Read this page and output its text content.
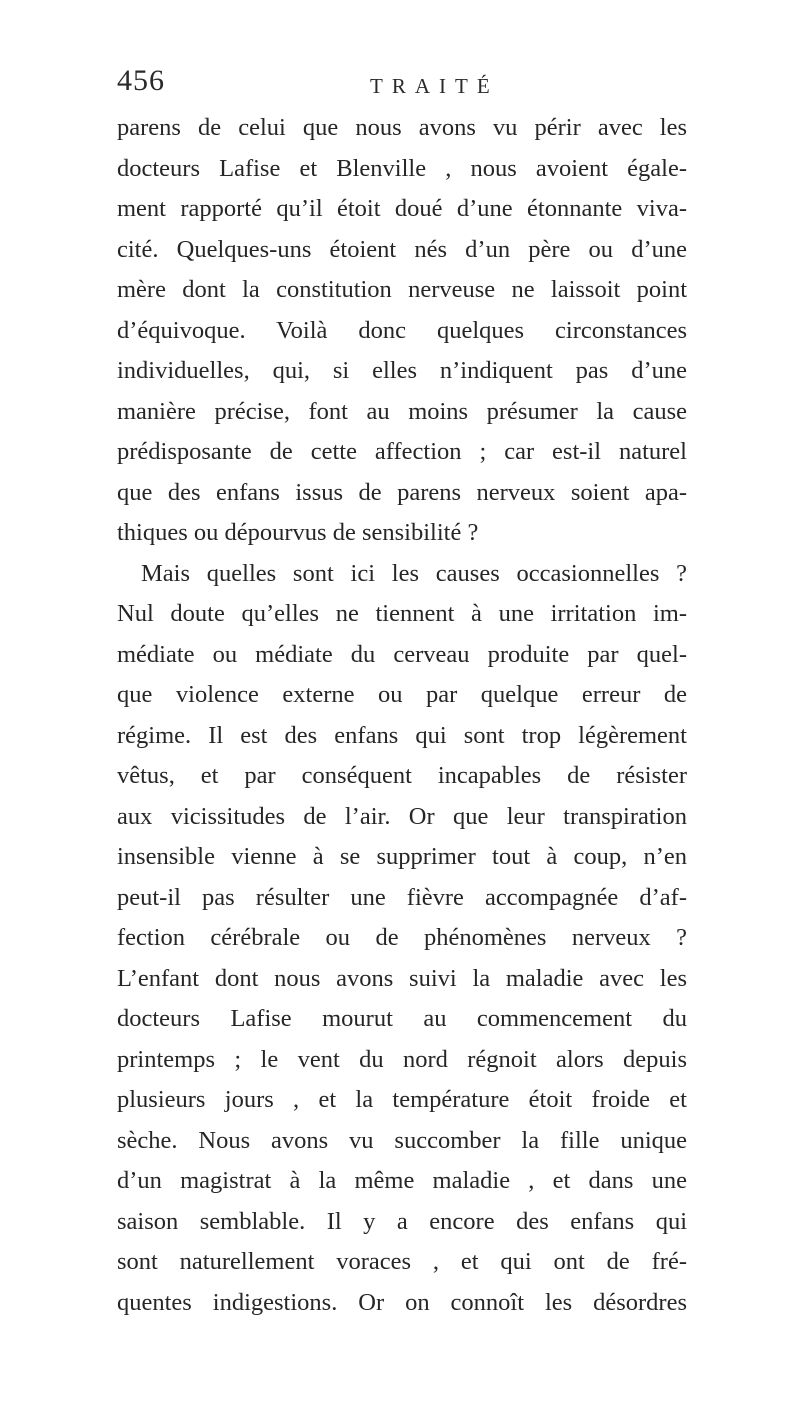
456	TRAITÉ
parens de celui que nous avons vu périr avec les
docteurs Lafise et Blenville , nous avoient égale-
ment rapporté qu’il étoit doué d’une étonnante viva-
cité. Quelques-uns étoient nés d’un père ou d’une
mère dont la constitution nerveuse ne laissoit point
d’équivoque. Voilà donc quelques circonstances
individuelles, qui, si elles n’indiquent pas d’une
manière précise, font au moins présumer la cause
prédisposante de cette affection ; car est-il naturel
que des enfans issus de parens nerveux soient apa-
thiques ou dépourvus de sensibilité ?
Mais quelles sont ici les causes occasionnelles ?
Nul doute qu’elles ne tiennent à une irritation im-
médiate ou médiate du cerveau produite par quel-
que violence externe ou par quelque erreur de
régime. Il est des enfans qui sont trop légèrement
vêtus, et par conséquent incapables de résister
aux vicissitudes de l’air. Or que leur transpiration
insensible vienne à se supprimer tout à coup, n’en
peut-il pas résulter une fièvre accompagnée d’af-
fection cérébrale ou de phénomènes nerveux ?
L’enfant dont nous avons suivi la maladie avec les
docteurs Lafise mourut au commencement du
printemps ; le vent du nord régnoit alors depuis
plusieurs jours , et la température étoit froide et
sèche. Nous avons vu succomber la fille unique
d’un magistrat à la même maladie , et dans une
saison semblable. Il y a encore des enfans qui
sont naturellement voraces , et qui ont de fré-
quentes indigestions. Or on connoît les désordres
